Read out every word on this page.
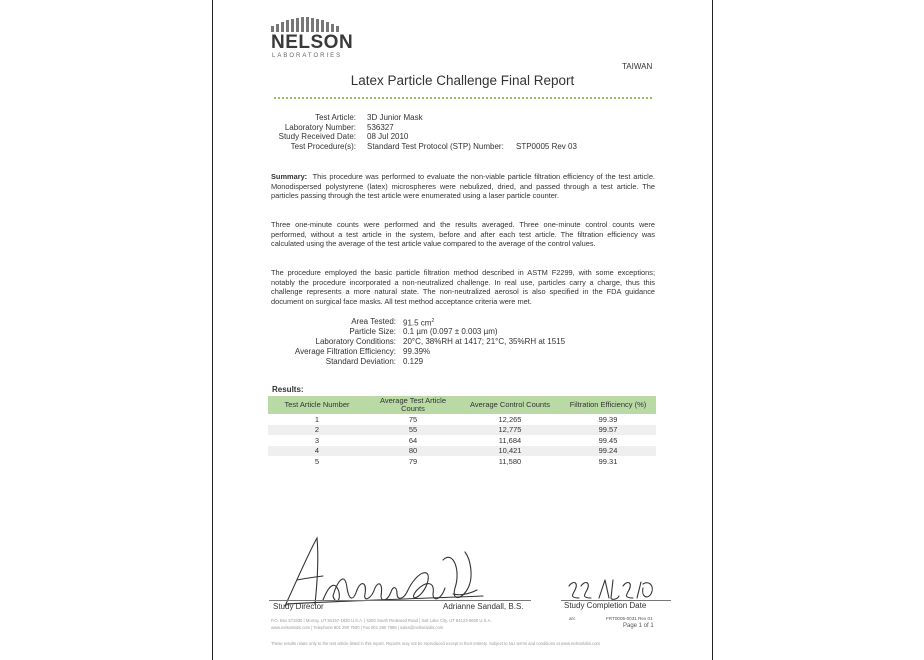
NELSON
LABORATORIES
TAIWAN
Latex Particle Challenge Final Report
Test Article: 3D Junior Mask
Laboratory Number: 536327
Study Received Date: 08 Jul 2010
Test Procedure(s): Standard Test Protocol (STP) Number: STP0005 Rev 03
Summary: This procedure was performed to evaluate the non-viable particle filtration efficiency of the test article. Monodispersed polystyrene (latex) microspheres were nebulized, dried, and passed through a test article. The particles passing through the test article were enumerated using a laser particle counter.
Three one-minute counts were performed and the results averaged. Three one-minute control counts were performed, without a test article in the system, before and after each test article. The filtration efficiency was calculated using the average of the test article value compared to the average of the control values.
The procedure employed the basic particle filtration method described in ASTM F2299, with some exceptions; notably the procedure incorporated a non-neutralized challenge. In real use, particles carry a charge, thus this challenge represents a more natural state. The non-neutralized aerosol is also specified in the FDA guidance document on surgical face masks. All test method acceptance criteria were met.
Area Tested: 91.5 $cm^2$
Particle Size: 0.1 µm (0.097 ± 0.003 µm)
Laboratory Conditions: 20°C, 38%RH at 1417; 21°C, 35%RH at 1515
Average Filtration Efficiency: 99.39%
Standard Deviation: 0.129
Results:
Test Article Number	Average Test Article Counts	Average Control Counts	Filtration Efficiency (%)
1	75	12,265	99.39
2	55	12,775	99.57
3	64	11,684	99.45
4	80	10,421	99.24
5	79	11,580	99.31
Study Director	Adrianne Sandall, B.S.	Study Completion Date
arc	FRT0005-0031 Rev 01
Page 1 of 1
P.O. Box 571830 | Murray, UT 84157-1830 U.S.A. | 6280 South Redwood Road | Salt Lake City, UT 84123-6600 U.S.A.
www.nelsonlabs.com | Telephone 801 290 7500 | Fax 801 290 7998 | sales@nelsonlabs.com
These results relate only to the test article listed in this report. Reports may not be reproduced except in their entirety. Subject to NLI terms and conditions at www.nelsonlabs.com
